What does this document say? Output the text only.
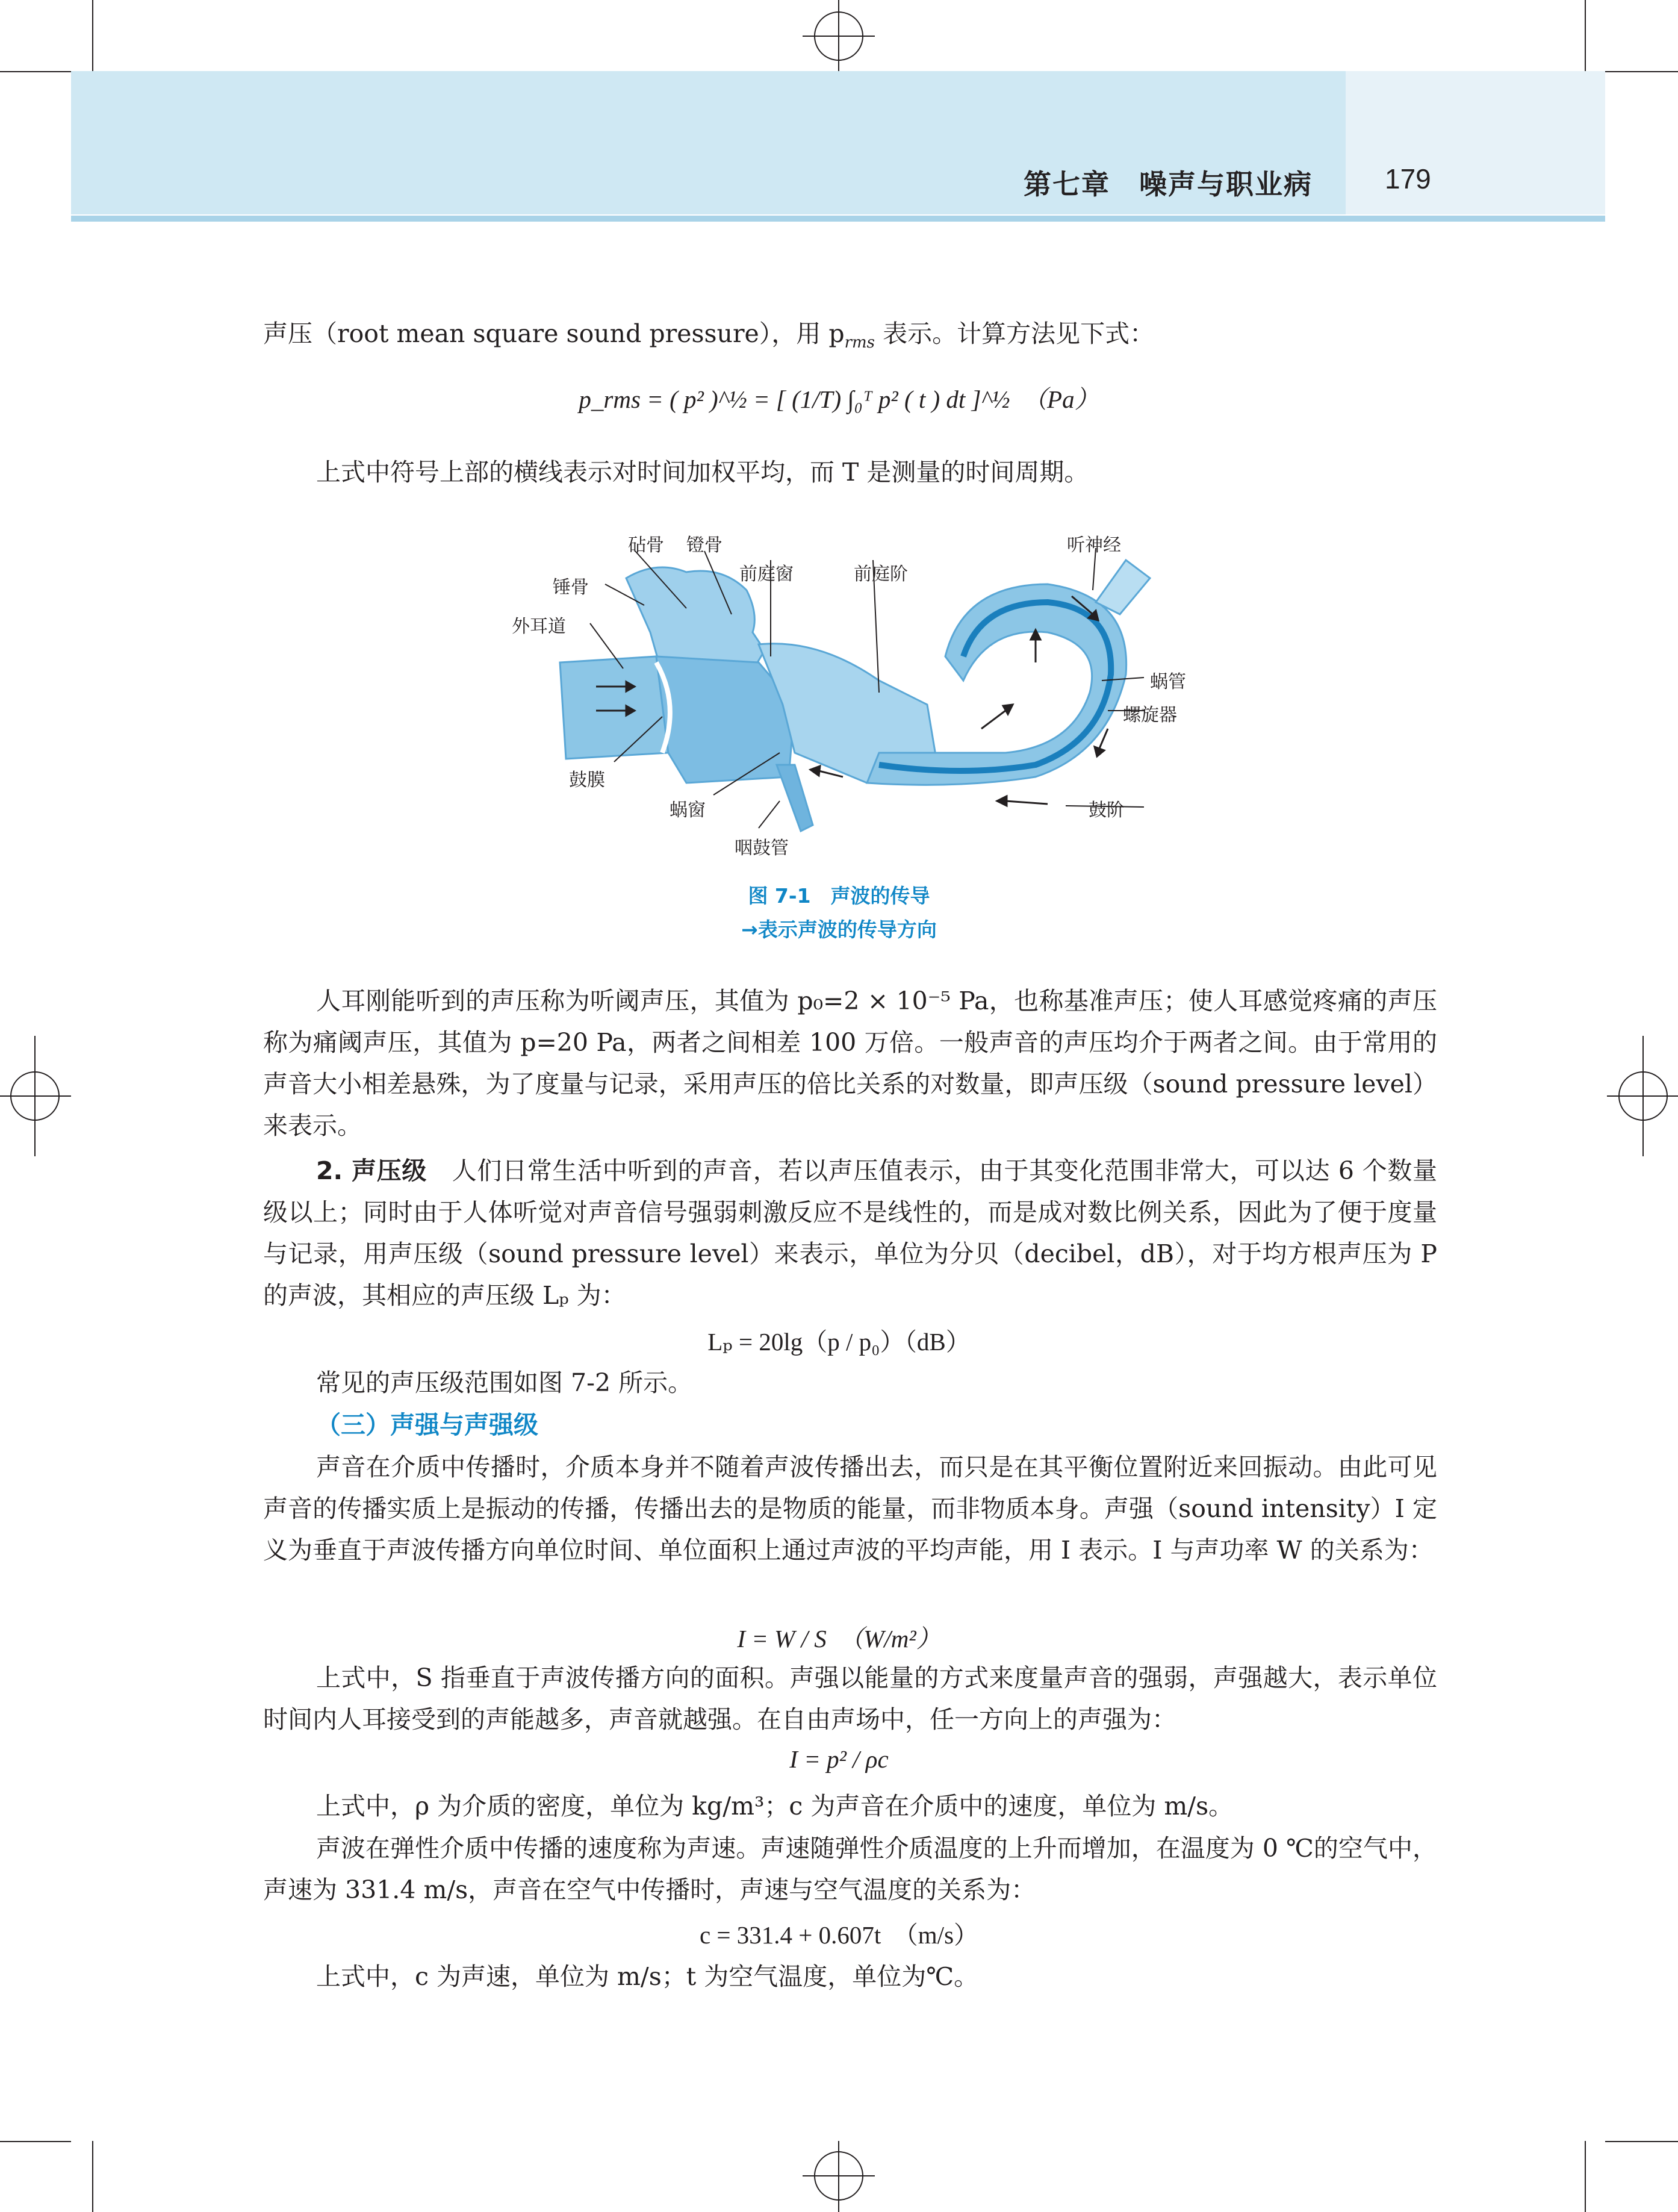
第七章　噪声与职业病	179
声压（root mean square sound pressure），用 $p_{rms}$ 表示。计算方法见下式：
p_rms = ( p² )^½ = [ (1/T) ∫₀ᵀ p² ( t ) dt ]^½　（Pa）
上式中符号上部的横线表示对时间加权平均，而 T 是测量的时间周期。
砧骨 镫骨
锤骨
外耳道
前庭窗	前庭阶
听神经
蜗管
螺旋器
鼓膜
蜗窗
咽鼓管
鼓阶
图 7-1　声波的传导
→表示声波的传导方向
人耳刚能听到的声压称为听阈声压，其值为 p₀=2 × 10⁻⁵ Pa，也称基准声压；使人耳感觉疼痛的声压称为痛阈声压，其值为 p=20 Pa，两者之间相差 100 万倍。一般声音的声压均介于两者之间。由于常用的声音大小相差悬殊，为了度量与记录，采用声压的倍比关系的对数量，即声压级（sound pressure level）来表示。
2. 声压级　人们日常生活中听到的声音，若以声压值表示，由于其变化范围非常大，可以达 6 个数量级以上；同时由于人体听觉对声音信号强弱刺激反应不是线性的，而是成对数比例关系，因此为了便于度量与记录，用声压级（sound pressure level）来表示，单位为分贝（decibel，dB），对于均方根声压为 P 的声波，其相应的声压级 Lₚ 为：
Lₚ = 20lg（p / p₀）（dB）
常见的声压级范围如图 7-2 所示。
（三）声强与声强级
声音在介质中传播时，介质本身并不随着声波传播出去，而只是在其平衡位置附近来回振动。由此可见声音的传播实质上是振动的传播，传播出去的是物质的能量，而非物质本身。声强（sound intensity）I 定义为垂直于声波传播方向单位时间、单位面积上通过声波的平均声能，用 I 表示。I 与声功率 W 的关系为：
I = W / S　（W/m²）
上式中，S 指垂直于声波传播方向的面积。声强以能量的方式来度量声音的强弱，声强越大，表示单位时间内人耳接受到的声能越多，声音就越强。在自由声场中，任一方向上的声强为：
I = p² / ρc
上式中，ρ 为介质的密度，单位为 kg/m³；c 为声音在介质中的速度，单位为 m/s。
声波在弹性介质中传播的速度称为声速。声速随弹性介质温度的上升而增加，在温度为 0 ℃的空气中，声速为 331.4 m/s，声音在空气中传播时，声速与空气温度的关系为：
c = 331.4 + 0.607t　（m/s）
上式中，c 为声速，单位为 m/s；t 为空气温度，单位为℃。
